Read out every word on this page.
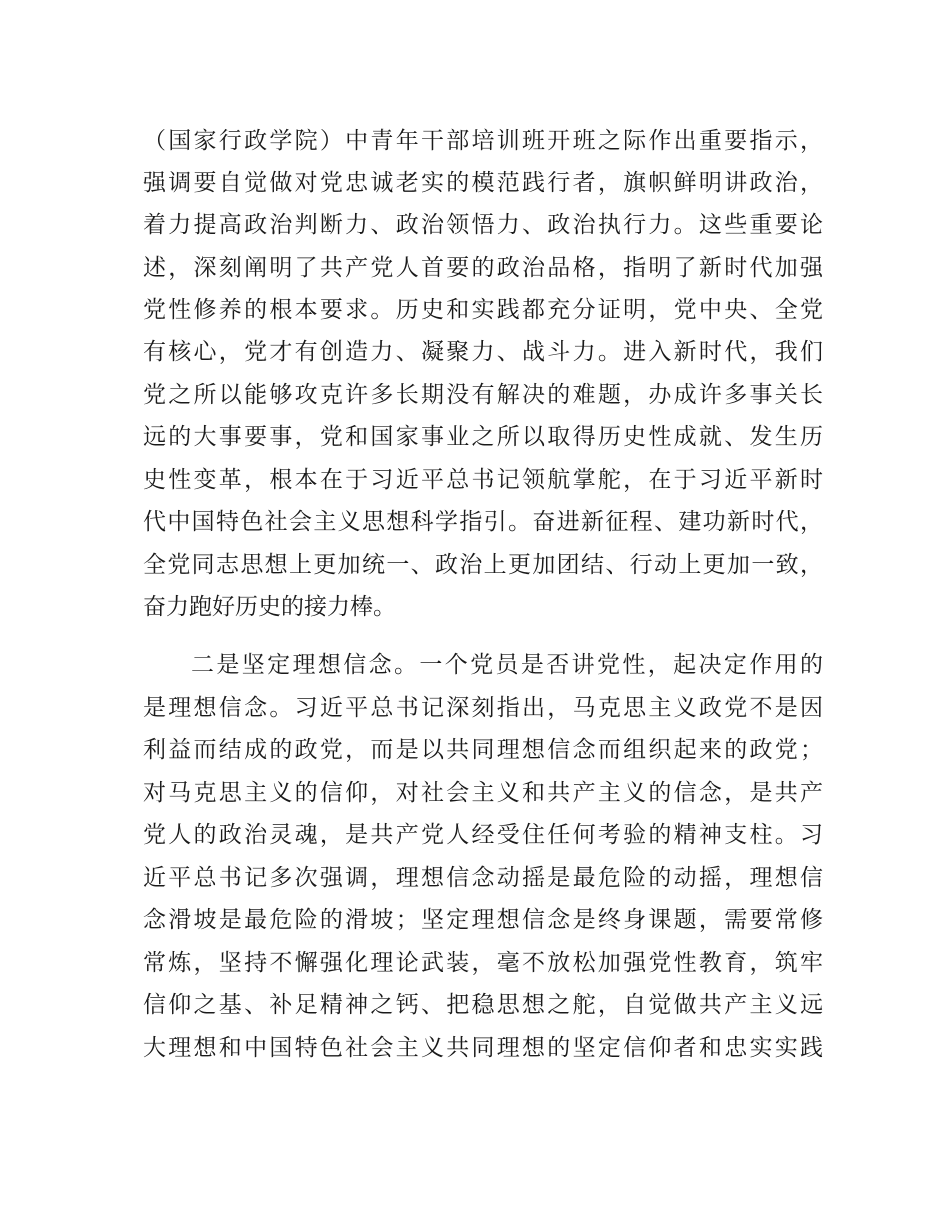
（国家行政学院）中青年干部培训班开班之际作出重要指示，
强调要自觉做对党忠诚老实的模范践行者，旗帜鲜明讲政治，
着力提高政治判断力、政治领悟力、政治执行力。这些重要论
述，深刻阐明了共产党人首要的政治品格，指明了新时代加强
党性修养的根本要求。历史和实践都充分证明，党中央、全党
有核心，党才有创造力、凝聚力、战斗力。进入新时代，我们
党之所以能够攻克许多长期没有解决的难题，办成许多事关长
远的大事要事，党和国家事业之所以取得历史性成就、发生历
史性变革，根本在于习近平总书记领航掌舵，在于习近平新时
代中国特色社会主义思想科学指引。奋进新征程、建功新时代，
全党同志思想上更加统一、政治上更加团结、行动上更加一致，
奋力跑好历史的接力棒。
二是坚定理想信念。一个党员是否讲党性，起决定作用的
是理想信念。习近平总书记深刻指出，马克思主义政党不是因
利益而结成的政党，而是以共同理想信念而组织起来的政党；
对马克思主义的信仰，对社会主义和共产主义的信念，是共产
党人的政治灵魂，是共产党人经受住任何考验的精神支柱。习
近平总书记多次强调，理想信念动摇是最危险的动摇，理想信
念滑坡是最危险的滑坡；坚定理想信念是终身课题，需要常修
常炼，坚持不懈强化理论武装，毫不放松加强党性教育，筑牢
信仰之基、补足精神之钙、把稳思想之舵，自觉做共产主义远
大理想和中国特色社会主义共同理想的坚定信仰者和忠实实践
